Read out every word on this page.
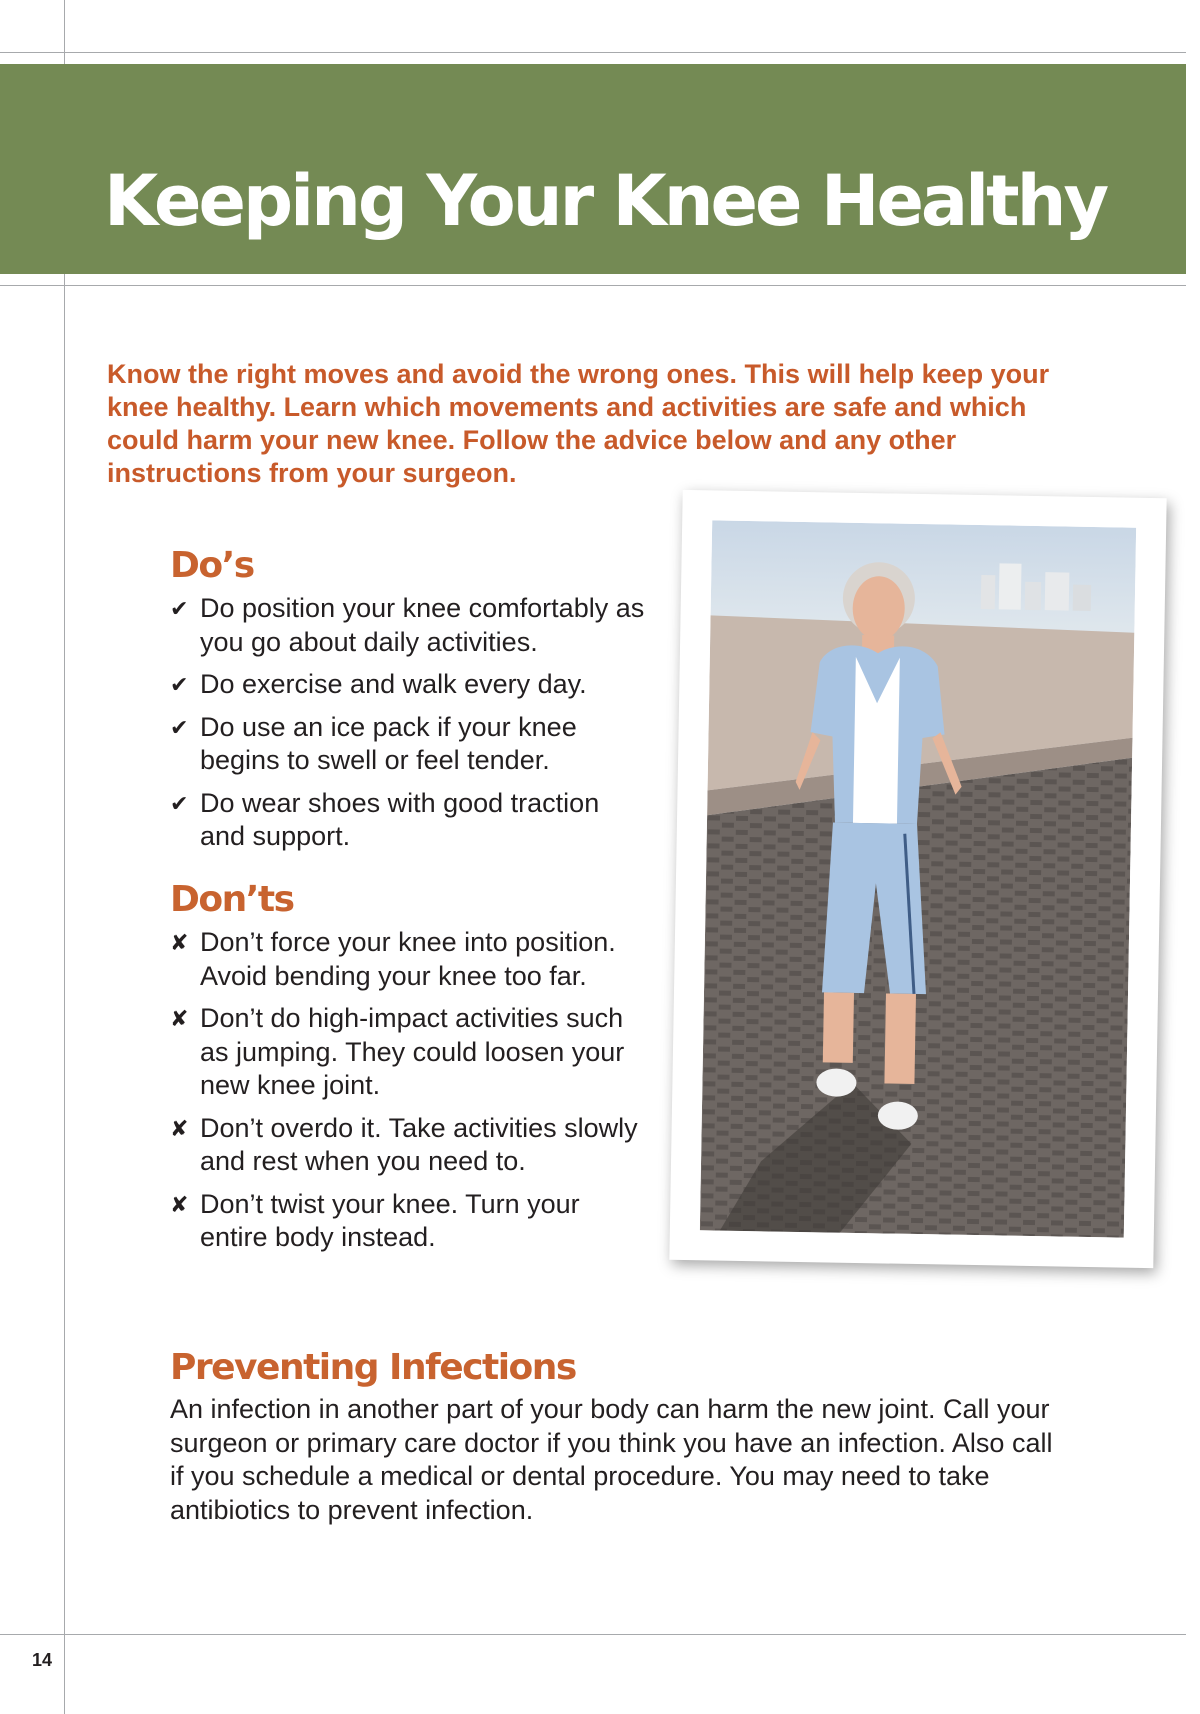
Keeping Your Knee Healthy

Know the right moves and avoid the wrong ones. This will help keep your knee healthy. Learn which movements and activities are safe and which could harm your new knee. Follow the advice below and any other instructions from your surgeon.

Do’s
✔ Do position your knee comfortably as you go about daily activities.
✔ Do exercise and walk every day.
✔ Do use an ice pack if your knee begins to swell or feel tender.
✔ Do wear shoes with good traction and support.
Don’ts
✘ Don’t force your knee into position. Avoid bending your knee too far.
✘ Don’t do high-impact activities such as jumping. They could loosen your new knee joint.
✘ Don’t overdo it. Take activities slowly and rest when you need to.
✘ Don’t twist your knee. Turn your entire body instead.
Preventing Infections

An infection in another part of your body can harm the new joint. Call your surgeon or primary care doctor if you think you have an infection. Also call if you schedule a medical or dental procedure. You may need to take antibiotics to prevent infection.

14
